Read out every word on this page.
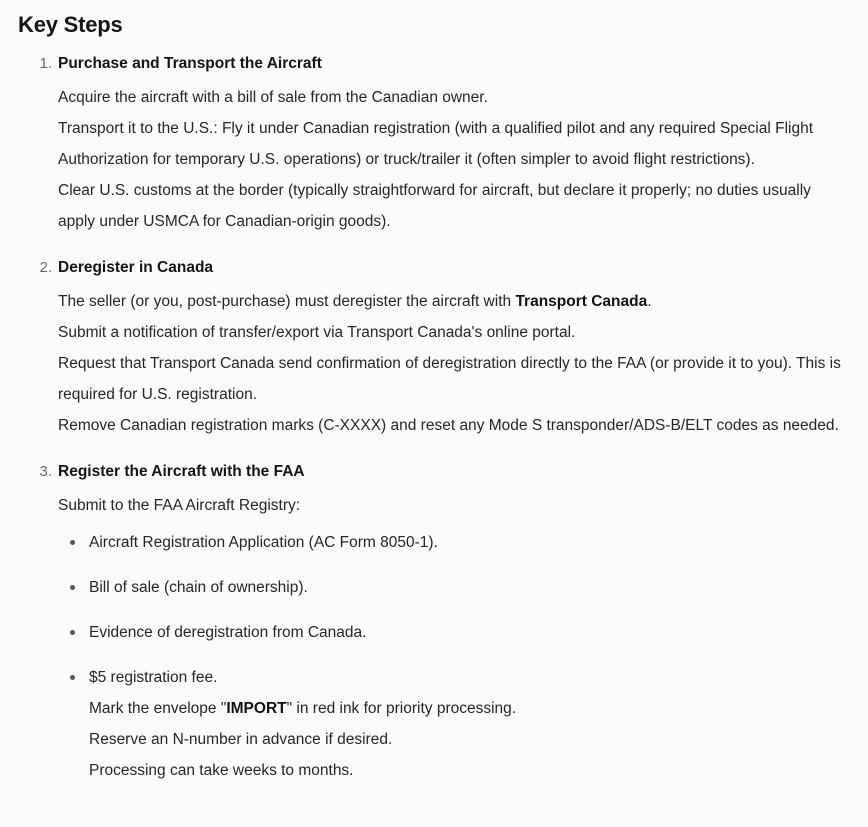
Key Steps
Purchase and Transport the Aircraft
Acquire the aircraft with a bill of sale from the Canadian owner.
Transport it to the U.S.: Fly it under Canadian registration (with a qualified pilot and any required Special Flight Authorization for temporary U.S. operations) or truck/trailer it (often simpler to avoid flight restrictions).
Clear U.S. customs at the border (typically straightforward for aircraft, but declare it properly; no duties usually apply under USMCA for Canadian-origin goods).
Deregister in Canada
The seller (or you, post-purchase) must deregister the aircraft with Transport Canada.
Submit a notification of transfer/export via Transport Canada's online portal.
Request that Transport Canada send confirmation of deregistration directly to the FAA (or provide it to you). This is required for U.S. registration.
Remove Canadian registration marks (C-XXXX) and reset any Mode S transponder/ADS-B/ELT codes as needed.
Register the Aircraft with the FAA
Submit to the FAA Aircraft Registry:
Aircraft Registration Application (AC Form 8050-1).
Bill of sale (chain of ownership).
Evidence of deregistration from Canada.
$5 registration fee.
Mark the envelope "IMPORT" in red ink for priority processing.
Reserve an N-number in advance if desired.
Processing can take weeks to months.
